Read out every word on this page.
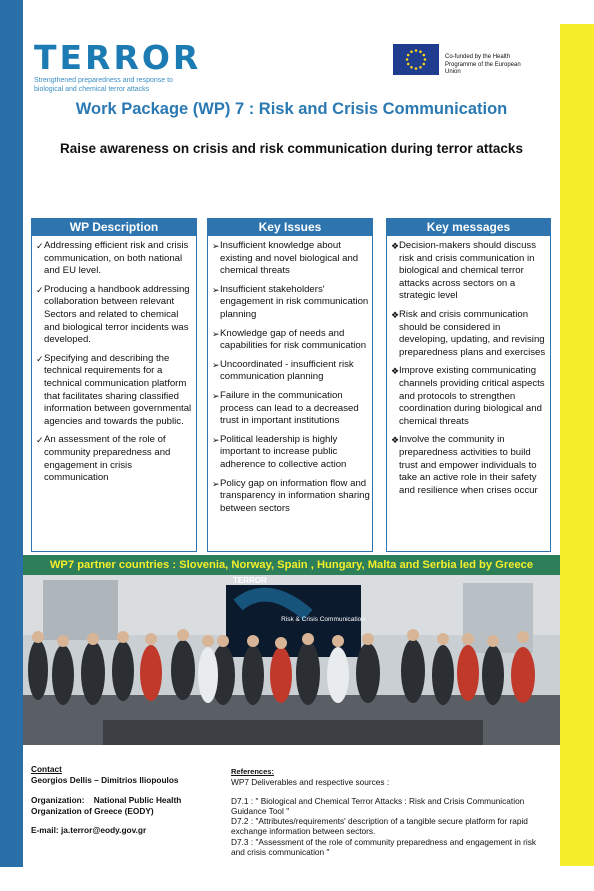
TERROR
Strengthened preparedness and response to biological and chemical terror attacks
Co-funded by the Health Programme of the European Union
Work Package (WP) 7 : Risk and Crisis Communication
Raise awareness on crisis and risk communication during terror attacks
WP Description
✓ Addressing efficient risk and crisis communication, on both national and EU level.
✓ Producing a handbook addressing collaboration between relevant Sectors and related to chemical and biological terror incidents was developed.
✓ Specifying and describing the technical requirements for a technical communication platform that facilitates sharing classified information between governmental agencies and towards the public.
✓ An assessment of the role of community preparedness and engagement in crisis communication
Key Issues
➢ Insufficient knowledge about existing and novel biological and chemical threats
➢ Insufficient stakeholders' engagement in risk communication planning
➢ Knowledge gap of needs and capabilities for risk communication
➢ Uncoordinated - insufficient risk communication planning
➢ Failure in the communication process can lead to a decreased trust in important institutions
➢ Political leadership is highly important to increase public adherence to collective action
➢ Policy gap on information flow and transparency in information sharing between sectors
Key messages
❖ Decision-makers should discuss risk and crisis communication in biological and chemical terror attacks across sectors on a strategic level
❖ Risk and crisis communication should be considered in developing, updating, and revising preparedness plans and exercises
❖ Improve existing communicating channels providing critical aspects and protocols to strengthen coordination during biological and chemical threats
❖ Involve the community in preparedness activities to build trust and empower individuals to take an active role in their safety and resilience when crises occur
WP7 partner countries : Slovenia, Norway, Spain , Hungary, Malta and Serbia led by Greece
TERROR
Risk & Crisis Communication
Contact
Georgios Dellis – Dimitrios Iliopoulos
Organization: National Public Health Organization of Greece (EODY)
E-mail: ja.terror@eody.gov.gr
References:
WP7 Deliverables and respective sources :
D7.1 : " Biological and Chemical Terror Attacks : Risk and Crisis Communication Guidance Tool "
D7.2 : "Attributes/requirements' description of a tangible secure platform for rapid exchange information between sectors.
D7.3 : "Assessment of the role of community preparedness and engagement in risk and crisis communication "
